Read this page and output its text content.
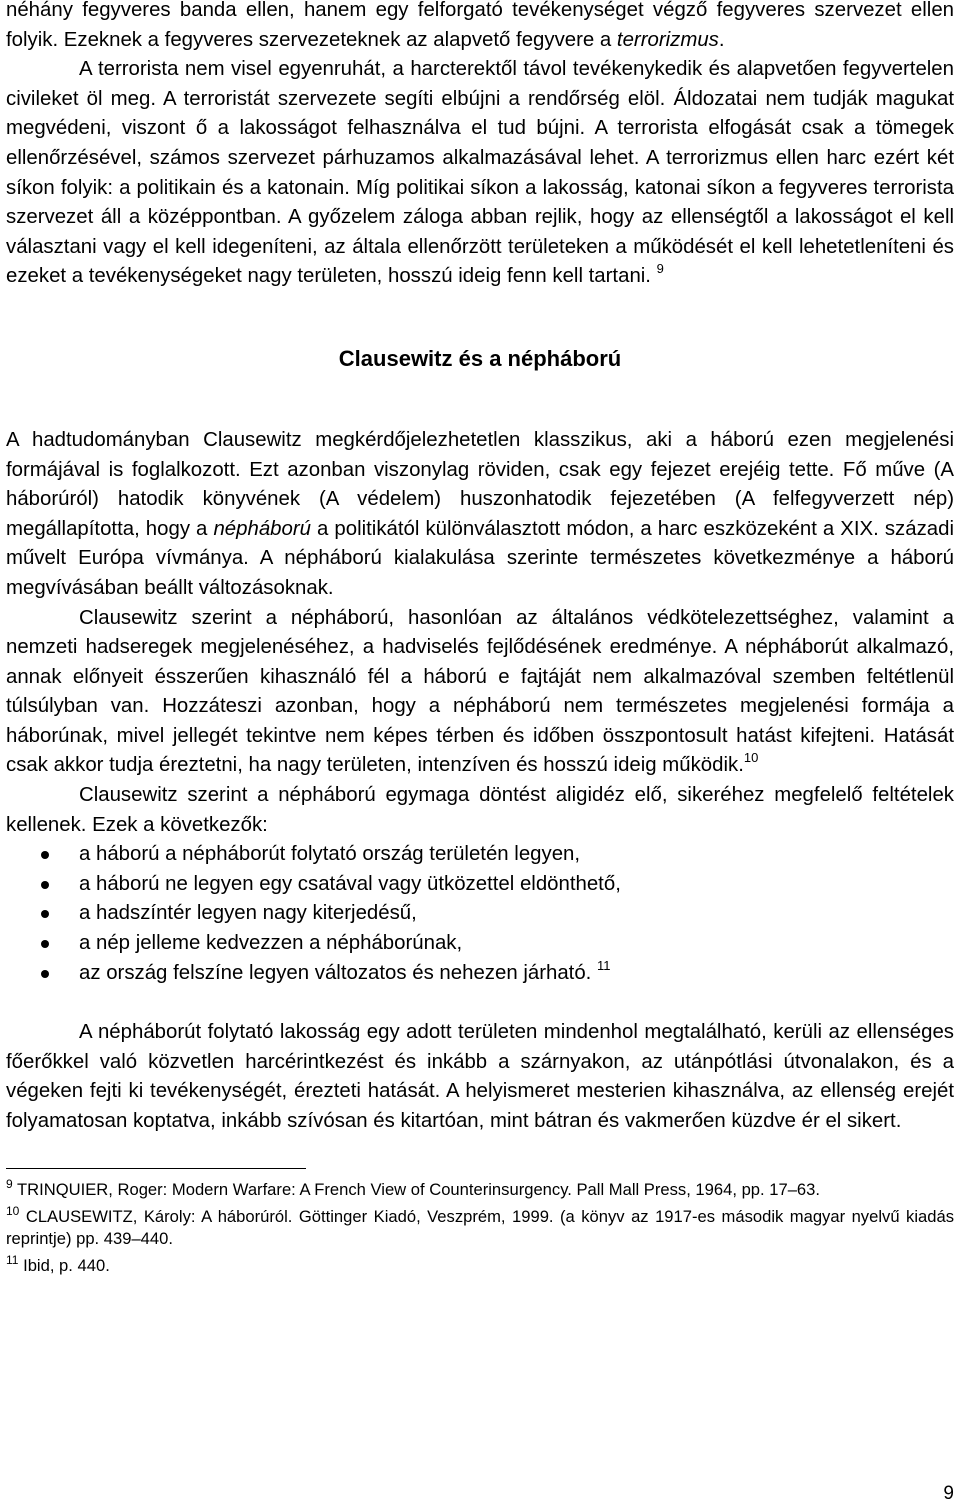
néhány fegyveres banda ellen, hanem egy felforgató tevékenységet végző fegyveres szervezet ellen folyik. Ezeknek a fegyveres szervezeteknek az alapvető fegyvere a terrorizmus.

A terrorista nem visel egyenruhát, a harcterektől távol tevékenykedik és alapvetően fegyvertelen civileket öl meg. A terroristát szervezete segíti elbújni a rendőrség elöl. Áldozatai nem tudják magukat megvédeni, viszont ő a lakosságot felhasználva el tud bújni. A terrorista elfogását csak a tömegek ellenőrzésével, számos szervezet párhuzamos alkalmazásával lehet. A terrorizmus ellen harc ezért két síkon folyik: a politikain és a katonain. Míg politikai síkon a lakosság, katonai síkon a fegyveres terrorista szervezet áll a középpontban. A győzelem záloga abban rejlik, hogy az ellenségtől a lakosságot el kell választani vagy el kell idegeníteni, az általa ellenőrzött területeken a működését el kell lehetetleníteni és ezeket a tevékenységeket nagy területen, hosszú ideig fenn kell tartani. $^9$

Clausewitz és a népháború

A hadtudományban Clausewitz megkérdőjelezhetetlen klasszikus, aki a háború ezen megjelenési formájával is foglalkozott. Ezt azonban viszonylag röviden, csak egy fejezet erejéig tette. Fő műve (A háborúról) hatodik könyvének (A védelem) huszonhatodik fejezetében (A felfegyverzett nép) megállapította, hogy a népháború a politikától különválasztott módon, a harc eszközeként a XIX. századi művelt Európa vívmánya. A népháború kialakulása szerinte természetes következménye a háború megvívásában beállt változásoknak.

Clausewitz szerint a népháború, hasonlóan az általános védkötelezettséghez, valamint a nemzeti hadseregek megjelenéséhez, a hadviselés fejlődésének eredménye. A népháborút alkalmazó, annak előnyeit ésszerűen kihasználó fél a háború e fajtáját nem alkalmazóval szemben feltétlenül túlsúlyban van. Hozzáteszi azonban, hogy a népháború nem természetes megjelenési formája a háborúnak, mivel jellegét tekintve nem képes térben és időben összpontosult hatást kifejteni. Hatását csak akkor tudja éreztetni, ha nagy területen, intenzíven és hosszú ideig működik.$^{10}$

Clausewitz szerint a népháború egymaga döntést aligidéz elő, sikeréhez megfelelő feltételek kellenek. Ezek a következők:

a háború a népháborút folytató ország területén legyen,
a háború ne legyen egy csatával vagy ütközettel eldönthető,
a hadszíntér legyen nagy kiterjedésű,
a nép jelleme kedvezzen a népháborúnak,
az ország felszíne legyen változatos és nehezen járható. $^{11}$

A népháborút folytató lakosság egy adott területen mindenhol megtalálható, kerüli az ellenséges főerőkkel való közvetlen harcérintkezést és inkább a szárnyakon, az utánpótlási útvonalakon, és a végeken fejti ki tevékenységét, érezteti hatását. A helyismeret mesterien kihasználva, az ellenség erejét folyamatosan koptatva, inkább szívósan és kitartóan, mint bátran és vakmerően küzdve ér el sikert.

$^9$ TRINQUIER, Roger: Modern Warfare: A French View of Counterinsurgency. Pall Mall Press, 1964, pp. 17–63.

$^{10}$ CLAUSEWITZ, Károly: A háborúról. Göttinger Kiadó, Veszprém, 1999. (a könyv az 1917-es második magyar nyelvű kiadás reprintje) pp. 439–440.

$^{11}$ Ibid, p. 440.

9
